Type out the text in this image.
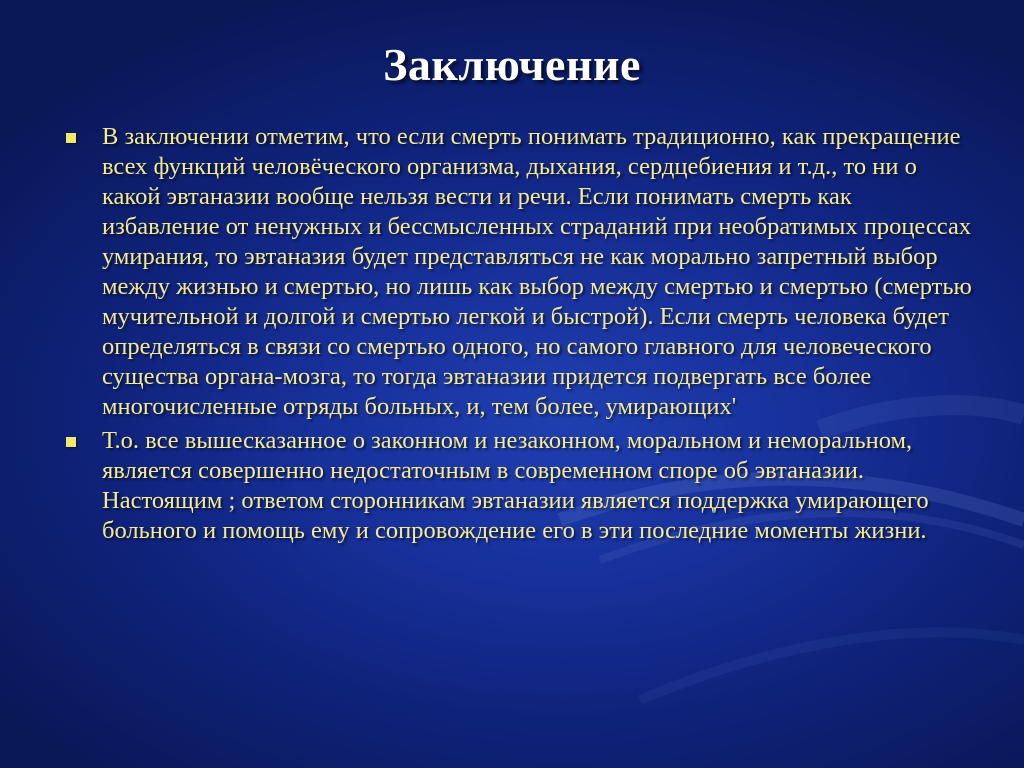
Заключение
В заключении отметим, что если смерть понимать традиционно, как прекращение всех функций человёческого организма, дыхания, сердцебиения и т.д., то ни о какой эвтаназии вообще нельзя вести и речи. Если понимать смерть как избавление от ненужных и бессмысленных страданий при необратимых процессах умирания, то эвтаназия будет представляться не как морально запретный выбор между жизнью и смертью, но лишь как выбор между смертью и смертью (смертью мучительной и долгой и смертью легкой и быстрой). Если смерть человека будет определяться в связи со смертью одного, но самого главного для человеческого существа органа-мозга, то тогда эвтаназии придется подвергать все более многочисленные отряды больных, и, тем более, умирающих'
Т.о. все вышесказанное о законном и незаконном, моральном и неморальном, является совершенно недостаточным в современном споре об эвтаназии. Настоящим ; ответом сторонникам эвтаназии является поддержка умирающего больного и помощь ему и сопровождение его в эти последние моменты жизни.
